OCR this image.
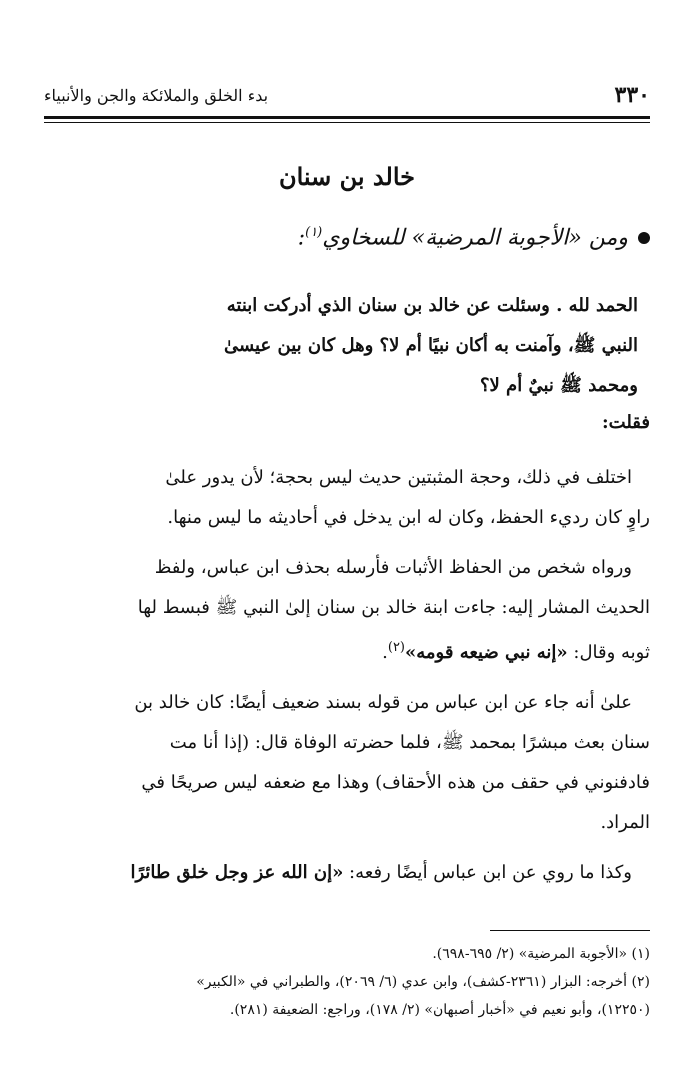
٣٣٠
بدء الخلق والملائكة والجن والأنبياء
خالد بن سنان
ومن «الأجوبة المرضية» للسخاوي$^{(١)}$:
الحمد لله . وسئلت عن خالد بن سنان الذي أدركت ابنته
النبي ﷺ، وآمنت به أكان نبيًا أم لا؟ وهل كان بين عيسىٰ
ومحمد ﷺ نبيٌ أم لا؟
فقلت:
اختلف في ذلك، وحجة المثبتين حديث ليس بحجة؛ لأن يدور علىٰ
راوٍ كان رديء الحفظ، وكان له ابن يدخل في أحاديثه ما ليس منها.
ورواه شخص من الحفاظ الأثبات فأرسله بحذف ابن عباس، ولفظ
الحديث المشار إليه: جاءت ابنة خالد بن سنان إلىٰ النبي ﷺ فبسط لها
ثوبه وقال: «إنه نبي ضيعه قومه»$^{(٢)}$.
علىٰ أنه جاء عن ابن عباس من قوله بسند ضعيف أيضًا: كان خالد بن
سنان بعث مبشرًا بمحمد ﷺ، فلما حضرته الوفاة قال: (إذا أنا مت
فادفنوني في حقف من هذه الأحقاف) وهذا مع ضعفه ليس صريحًا في
المراد.
وكذا ما روي عن ابن عباس أيضًا رفعه: «إن الله عز وجل خلق طائرًا
(١) «الأجوبة المرضية» (٢/ ٦٩٥-٦٩٨).
(٢) أخرجه: البزار (٢٣٦١-كشف)، وابن عدي (٦/ ٢٠٦٩)، والطبراني في «الكبير»
(١٢٢٥٠)، وأبو نعيم في «أخبار أصبهان» (٢/ ١٧٨)، وراجع: الضعيفة (٢٨١).
